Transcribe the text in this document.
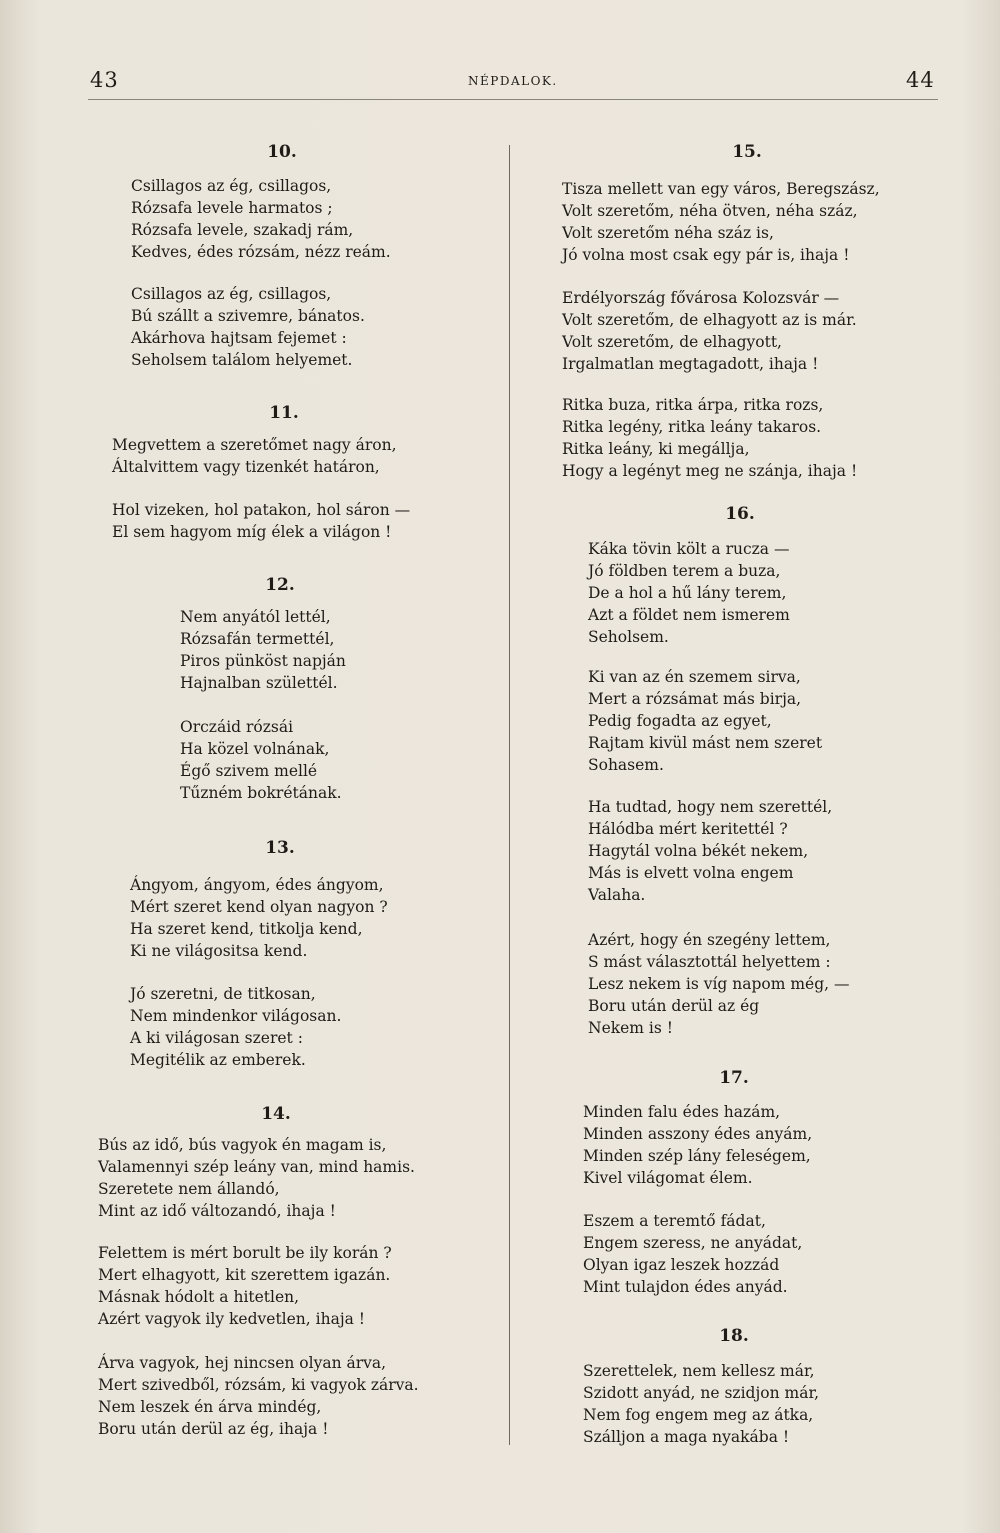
43	NÉPDALOK.	44
10.
Csillagos az ég, csillagos,
Rózsafa levele harmatos ;
Rózsafa levele, szakadj rám,
Kedves, édes rózsám, nézz reám.
Csillagos az ég, csillagos,
Bú szállt a szivemre, bánatos.
Akárhova hajtsam fejemet :
Seholsem találom helyemet.
11.
Megvettem a szeretőmet nagy áron,
Általvittem vagy tizenkét határon,
Hol vizeken, hol patakon, hol sáron —
El sem hagyom míg élek a világon !
12.
Nem anyától lettél,
Rózsafán termettél,
Piros pünköst napján
Hajnalban születtél.
Orczáid rózsái
Ha közel volnának,
Égő szivem mellé
Tűzném bokrétának.
13.
Ángyom, ángyom, édes ángyom,
Mért szeret kend olyan nagyon ?
Ha szeret kend, titkolja kend,
Ki ne világositsa kend.
Jó szeretni, de titkosan,
Nem mindenkor világosan.
A ki világosan szeret :
Megitélik az emberek.
14.
Bús az idő, bús vagyok én magam is,
Valamennyi szép leány van, mind hamis.
Szeretete nem állandó,
Mint az idő változandó, ihaja !
Felettem is mért borult be ily korán ?
Mert elhagyott, kit szerettem igazán.
Másnak hódolt a hitetlen,
Azért vagyok ily kedvetlen, ihaja !
Árva vagyok, hej nincsen olyan árva,
Mert szivedből, rózsám, ki vagyok zárva.
Nem leszek én árva mindég,
Boru után derül az ég, ihaja !
15.
Tisza mellett van egy város, Beregszász,
Volt szeretőm, néha ötven, néha száz,
Volt szeretőm néha száz is,
Jó volna most csak egy pár is, ihaja !
Erdélyország fővárosa Kolozsvár —
Volt szeretőm, de elhagyott az is már.
Volt szeretőm, de elhagyott,
Irgalmatlan megtagadott, ihaja !
Ritka buza, ritka árpa, ritka rozs,
Ritka legény, ritka leány takaros.
Ritka leány, ki megállja,
Hogy a legényt meg ne szánja, ihaja !
16.
Káka tövin költ a rucza —
Jó földben terem a buza,
De a hol a hű lány terem,
Azt a földet nem ismerem
Seholsem.
Ki van az én szemem sirva,
Mert a rózsámat más birja,
Pedig fogadta az egyet,
Rajtam kivül mást nem szeret
Sohasem.
Ha tudtad, hogy nem szerettél,
Hálódba mért keritettél ?
Hagytál volna békét nekem,
Más is elvett volna engem
Valaha.
Azért, hogy én szegény lettem,
S mást választottál helyettem :
Lesz nekem is víg napom még, —
Boru után derül az ég
Nekem is !
17.
Minden falu édes hazám,
Minden asszony édes anyám,
Minden szép lány feleségem,
Kivel világomat élem.
Eszem a teremtő fádat,
Engem szeress, ne anyádat,
Olyan igaz leszek hozzád
Mint tulajdon édes anyád.
18.
Szerettelek, nem kellesz már,
Szidott anyád, ne szidjon már,
Nem fog engem meg az átka,
Szálljon a maga nyakába !
